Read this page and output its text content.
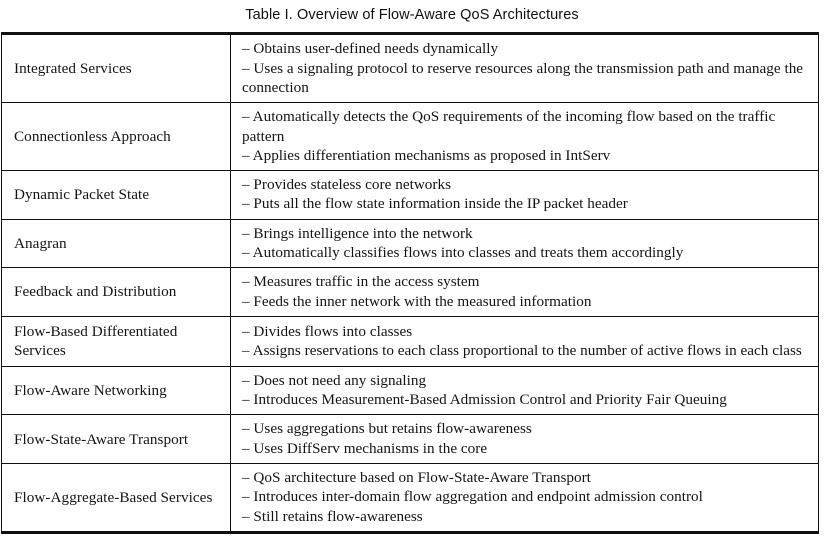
Table I. Overview of Flow-Aware QoS Architectures
Integrated Services	– Obtains user-defined needs dynamically
– Uses a signaling protocol to reserve resources along the transmission path and manage the connection

Connectionless Approach	– Automatically detects the QoS requirements of the incoming flow based on the traffic pattern
– Applies differentiation mechanisms as proposed in IntServ

Dynamic Packet State	– Provides stateless core networks
– Puts all the flow state information inside the IP packet header

Anagran	– Brings intelligence into the network
– Automatically classifies flows into classes and treats them accordingly

Feedback and Distribution	– Measures traffic in the access system
– Feeds the inner network with the measured information

Flow-Based Differentiated Services	– Divides flows into classes
– Assigns reservations to each class proportional to the number of active flows in each class

Flow-Aware Networking	– Does not need any signaling
– Introduces Measurement-Based Admission Control and Priority Fair Queuing

Flow-State-Aware Transport	– Uses aggregations but retains flow-awareness
– Uses DiffServ mechanisms in the core

Flow-Aggregate-Based Services	– QoS architecture based on Flow-State-Aware Transport
– Introduces inter-domain flow aggregation and endpoint admission control
– Still retains flow-awareness
